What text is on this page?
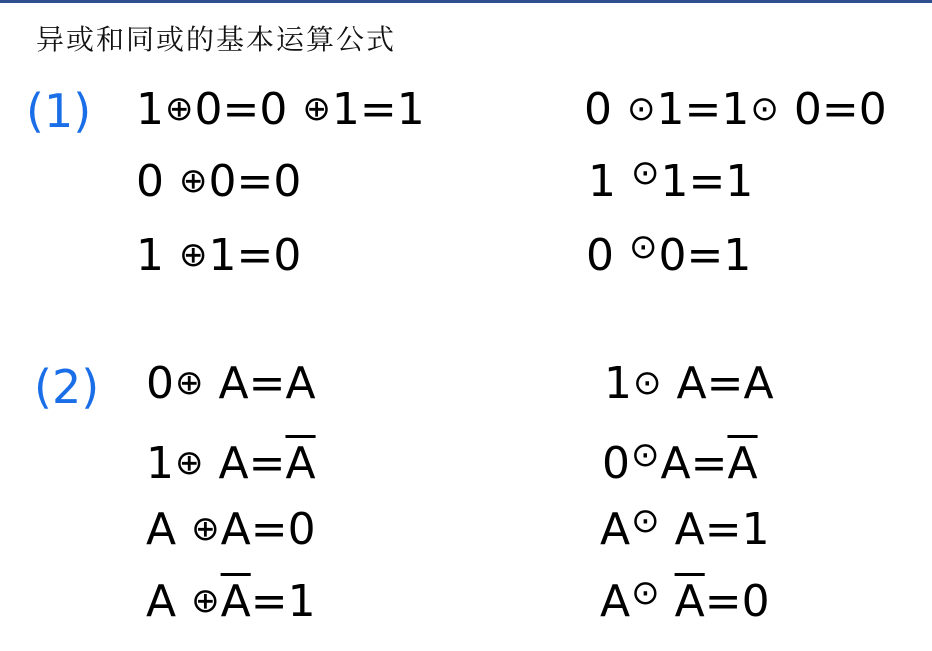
异或和同或的基本运算公式
(1) 1⊕0=0 ⊕1=1
0 ⊕0=0
1 ⊕1=0
0 ⊙1=1⊙ 0=0
1 ⊙1=1
0 ⊙0=1
(2) 0⊕ A=A
1⊕ $A=\overline{A}$
A ⊕A=0
A $\oplus\overline{A}=1$
1⊙ A=A
$0^⊙A=\overline{A}$
A⊙ A=1
A⊙ $\overline{A}=0$
